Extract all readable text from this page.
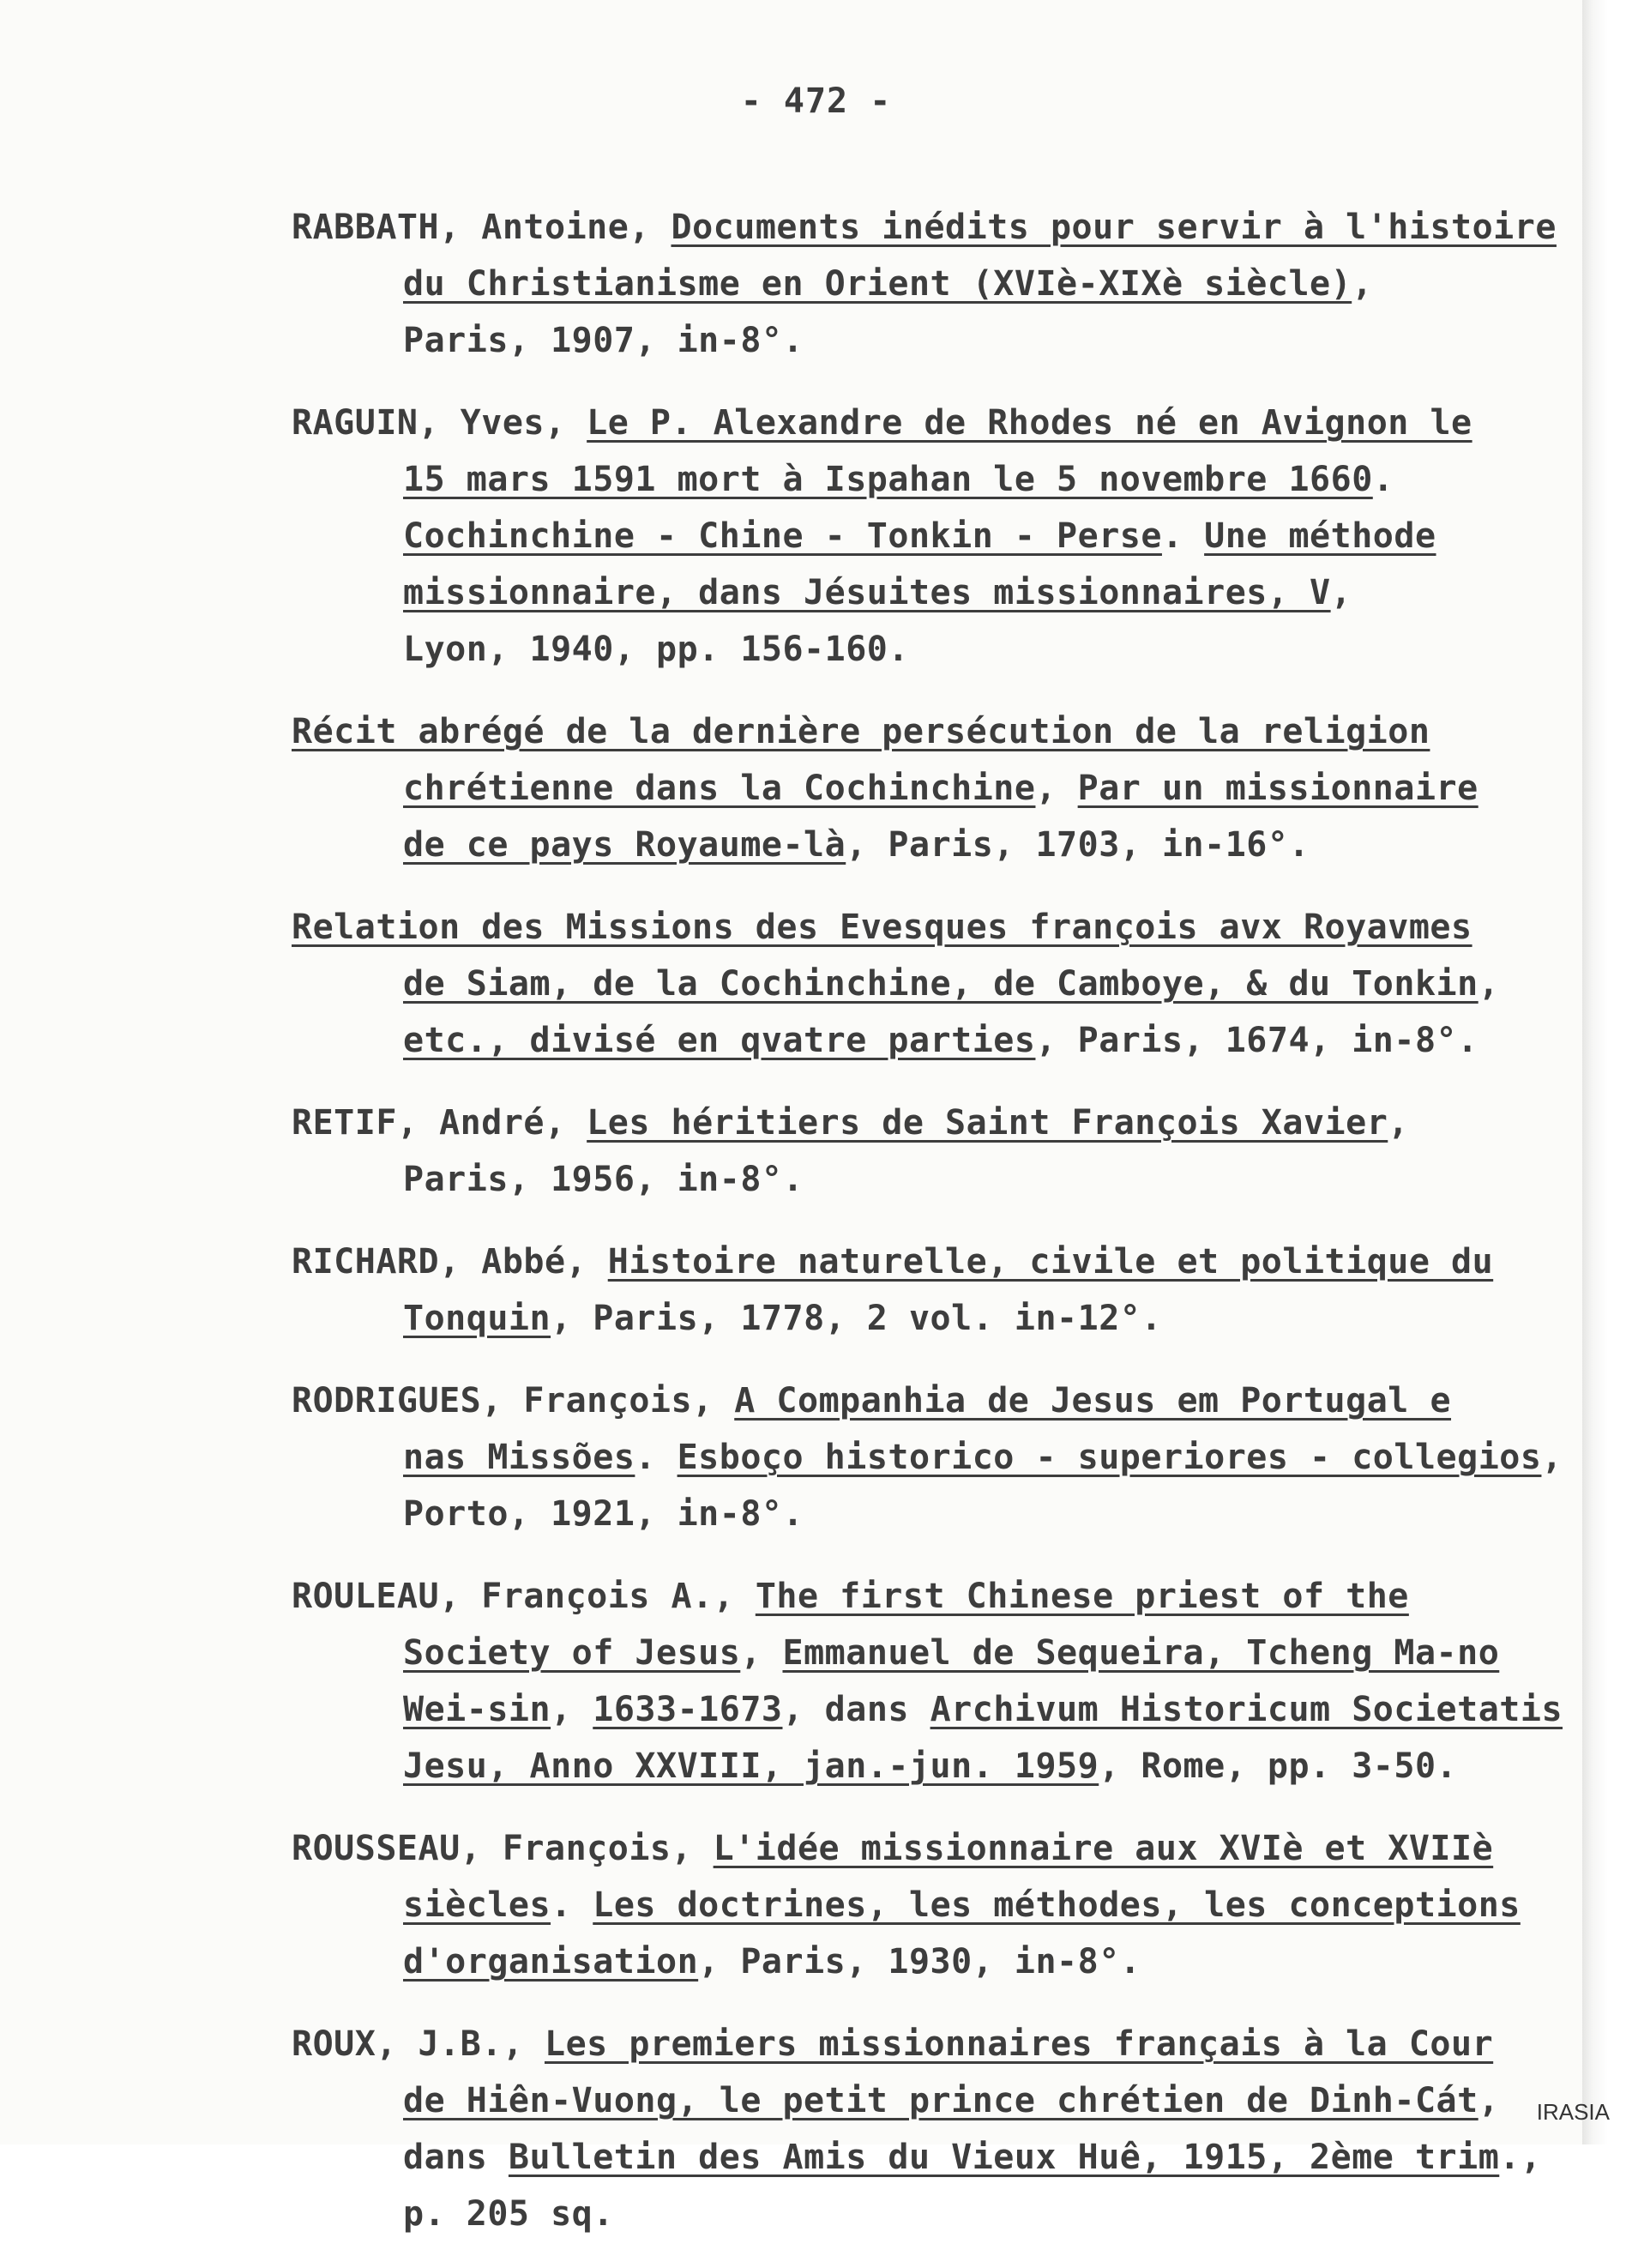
- 472 -
RABBATH, Antoine, Documents inédits pour servir à l'histoire
du Christianisme en Orient (XVIè-XIXè siècle),
Paris, 1907, in-8°.
RAGUIN, Yves, Le P. Alexandre de Rhodes né en Avignon le
15 mars 1591 mort à Ispahan le 5 novembre 1660.
Cochinchine - Chine - Tonkin - Perse. Une méthode
missionnaire, dans Jésuites missionnaires, V,
Lyon, 1940, pp. 156-160.
Récit abrégé de la dernière persécution de la religion
chrétienne dans la Cochinchine, Par un missionnaire
de ce pays Royaume-là, Paris, 1703, in-16°.
Relation des Missions des Evesques françois avx Royavmes
de Siam, de la Cochinchine, de Camboye, & du Tonkin,
etc., divisé en qvatre parties, Paris, 1674, in-8°.
RETIF, André, Les héritiers de Saint François Xavier,
Paris, 1956, in-8°.
RICHARD, Abbé, Histoire naturelle, civile et politique du
Tonquin, Paris, 1778, 2 vol. in-12°.
RODRIGUES, François, A Companhia de Jesus em Portugal e
nas Missões. Esboço historico - superiores - collegios,
Porto, 1921, in-8°.
ROULEAU, François A., The first Chinese priest of the
Society of Jesus, Emmanuel de Sequeira, Tcheng Ma-no
Wei-sin, 1633-1673, dans Archivum Historicum Societatis
Jesu, Anno XXVIII, jan.-jun. 1959, Rome, pp. 3-50.
ROUSSEAU, François, L'idée missionnaire aux XVIè et XVIIè
siècles. Les doctrines, les méthodes, les conceptions
d'organisation, Paris, 1930, in-8°.
ROUX, J.B., Les premiers missionnaires français à la Cour
de Hiên-Vuong, le petit prince chrétien de Dinh-Cát,
dans Bulletin des Amis du Vieux Huê, 1915, 2ème trim.,
p. 205 sq.
IRASIA
